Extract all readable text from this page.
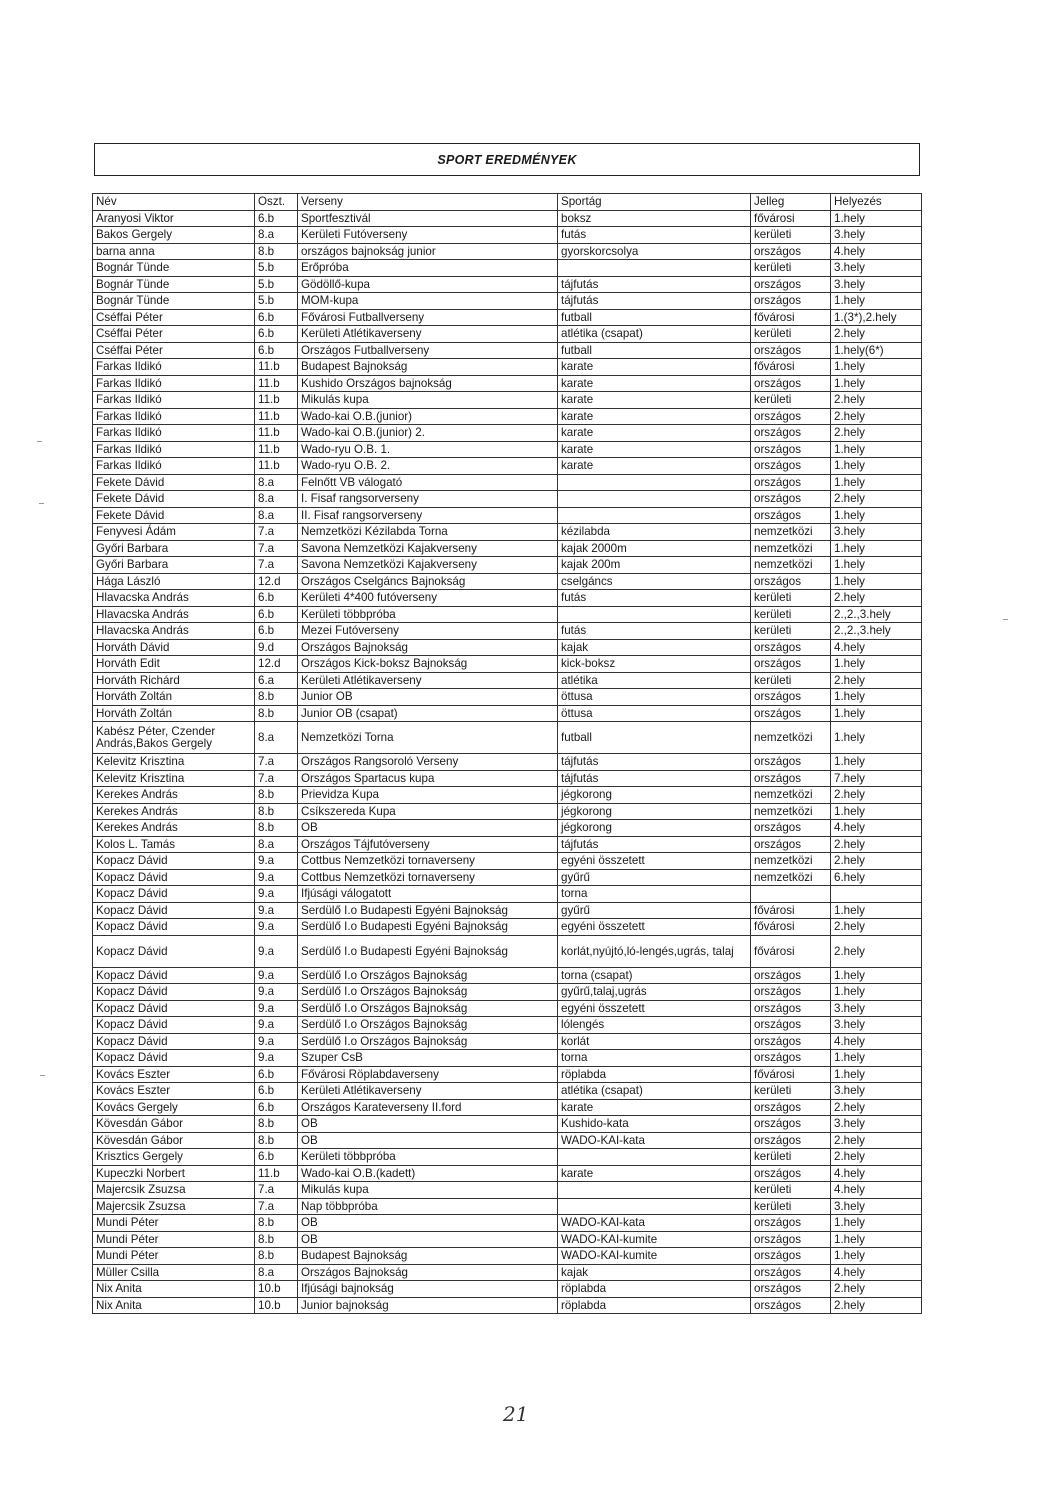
SPORT EREDMÉNYEK
Név	Oszt.	Verseny	Sportág	Jelleg	Helyezés
Aranyosi Viktor	6.b	Sportfesztivál	boksz	fővárosi	1.hely
Bakos Gergely	8.a	Kerületi Futóverseny	futás	kerületi	3.hely
barna anna	8.b	országos bajnokság junior	gyorskorcsolya	országos	4.hely
Bognár Tünde	5.b	Erőpróba		kerületi	3.hely
Bognár Tünde	5.b	Gödöllő-kupa	tájfutás	országos	3.hely
Bognár Tünde	5.b	MOM-kupa	tájfutás	országos	1.hely
Cséffai Péter	6.b	Fővárosi Futballverseny	futball	fővárosi	1.(3*),2.hely
Cséffai Péter	6.b	Kerületi Atlétikaverseny	atlétika (csapat)	kerületi	2.hely
Cséffai Péter	6.b	Országos Futballverseny	futball	országos	1.hely(6*)
Farkas Ildikó	11.b	Budapest Bajnokság	karate	fővárosi	1.hely
Farkas Ildikó	11.b	Kushido Országos bajnokság	karate	országos	1.hely
Farkas Ildikó	11.b	Mikulás kupa	karate	kerületi	2.hely
Farkas Ildikó	11.b	Wado-kai O.B.(junior)	karate	országos	2.hely
Farkas Ildikó	11.b	Wado-kai O.B.(junior) 2.	karate	országos	2.hely
Farkas Ildikó	11.b	Wado-ryu O.B. 1.	karate	országos	1.hely
Farkas Ildikó	11.b	Wado-ryu O.B. 2.	karate	országos	1.hely
Fekete Dávid	8.a	Felnőtt VB válogató		országos	1.hely
Fekete Dávid	8.a	I. Fisaf rangsorverseny		országos	2.hely
Fekete Dávid	8.a	II. Fisaf rangsorverseny		országos	1.hely
Fenyvesi Ádám	7.a	Nemzetközi Kézilabda Torna	kézilabda	nemzetközi	3.hely
Győri Barbara	7.a	Savona Nemzetközi Kajakverseny	kajak 2000m	nemzetközi	1.hely
Győri Barbara	7.a	Savona Nemzetközi Kajakverseny	kajak 200m	nemzetközi	1.hely
Hága László	12.d	Országos Cselgáncs Bajnokság	cselgáncs	országos	1.hely
Hlavacska András	6.b	Kerületi 4*400 futóverseny	futás	kerületi	2.hely
Hlavacska András	6.b	Kerületi többpróba		kerületi	2.,2.,3.hely
Hlavacska András	6.b	Mezei Futóverseny	futás	kerületi	2.,2.,3.hely
Horváth Dávid	9.d	Országos Bajnokság	kajak	országos	4.hely
Horváth Edit	12.d	Országos Kick-boksz Bajnokság	kick-boksz	országos	1.hely
Horváth Richárd	6.a	Kerületi Atlétikaverseny	atlétika	kerületi	2.hely
Horváth Zoltán	8.b	Junior OB	öttusa	országos	1.hely
Horváth Zoltán	8.b	Junior OB (csapat)	öttusa	országos	1.hely
Kabész Péter, Czender András,Bakos Gergely	8.a	Nemzetközi Torna	futball	nemzetközi	1.hely
Kelevitz Krisztina	7.a	Országos Rangsoroló Verseny	tájfutás	országos	1.hely
Kelevitz Krisztina	7.a	Országos Spartacus kupa	tájfutás	országos	7.hely
Kerekes András	8.b	Prievidza Kupa	jégkorong	nemzetközi	2.hely
Kerekes András	8.b	Csíkszereda Kupa	jégkorong	nemzetközi	1.hely
Kerekes András	8.b	OB	jégkorong	országos	4.hely
Kolos L. Tamás	8.a	Országos Tájfutóverseny	tájfutás	országos	2.hely
Kopacz Dávid	9.a	Cottbus Nemzetközi tornaverseny	egyéni összetett	nemzetközi	2.hely
Kopacz Dávid	9.a	Cottbus Nemzetközi tornaverseny	gyűrű	nemzetközi	6.hely
Kopacz Dávid	9.a	Ifjúsági válogatott	torna		
Kopacz Dávid	9.a	Serdülő I.o Budapesti Egyéni Bajnokság	gyűrű	fővárosi	1.hely
Kopacz Dávid	9.a	Serdülő I.o Budapesti Egyéni Bajnokság	egyéni összetett	fővárosi	2.hely
Kopacz Dávid	9.a	Serdülő I.o Budapesti Egyéni Bajnokság	korlát,nyújtó,ló-lengés,ugrás, talaj	fővárosi	2.hely
Kopacz Dávid	9.a	Serdülő I.o Országos Bajnokság	torna (csapat)	országos	1.hely
Kopacz Dávid	9.a	Serdülő I.o Országos Bajnokság	gyűrű,talaj,ugrás	országos	1.hely
Kopacz Dávid	9.a	Serdülő I.o Országos Bajnokság	egyéni összetett	országos	3.hely
Kopacz Dávid	9.a	Serdülő I.o Országos Bajnokság	lólengés	országos	3.hely
Kopacz Dávid	9.a	Serdülő I.o Országos Bajnokság	korlát	országos	4.hely
Kopacz Dávid	9.a	Szuper CsB	torna	országos	1.hely
Kovács Eszter	6.b	Fővárosi Röplabdaverseny	röplabda	fővárosi	1.hely
Kovács Eszter	6.b	Kerületi Atlétikaverseny	atlétika (csapat)	kerületi	3.hely
Kovács Gergely	6.b	Országos Karateverseny II.ford	karate	országos	2.hely
Kövesdán Gábor	8.b	OB	Kushido-kata	országos	3.hely
Kövesdán Gábor	8.b	OB	WADO-KAI-kata	országos	2.hely
Krisztics Gergely	6.b	Kerületi többpróba		kerületi	2.hely
Kupeczki Norbert	11.b	Wado-kai O.B.(kadett)	karate	országos	4.hely
Majercsik Zsuzsa	7.a	Mikulás kupa		kerületi	4.hely
Majercsik Zsuzsa	7.a	Nap többpróba		kerületi	3.hely
Mundi Péter	8.b	OB	WADO-KAI-kata	országos	1.hely
Mundi Péter	8.b	OB	WADO-KAI-kumite	országos	1.hely
Mundi Péter	8.b	Budapest Bajnokság	WADO-KAI-kumite	országos	1.hely
Müller Csilla	8.a	Országos Bajnokság	kajak	országos	4.hely
Nix Anita	10.b	Ifjúsági bajnokság	röplabda	országos	2.hely
Nix Anita	10.b	Junior bajnokság	röplabda	országos	2.hely
21
